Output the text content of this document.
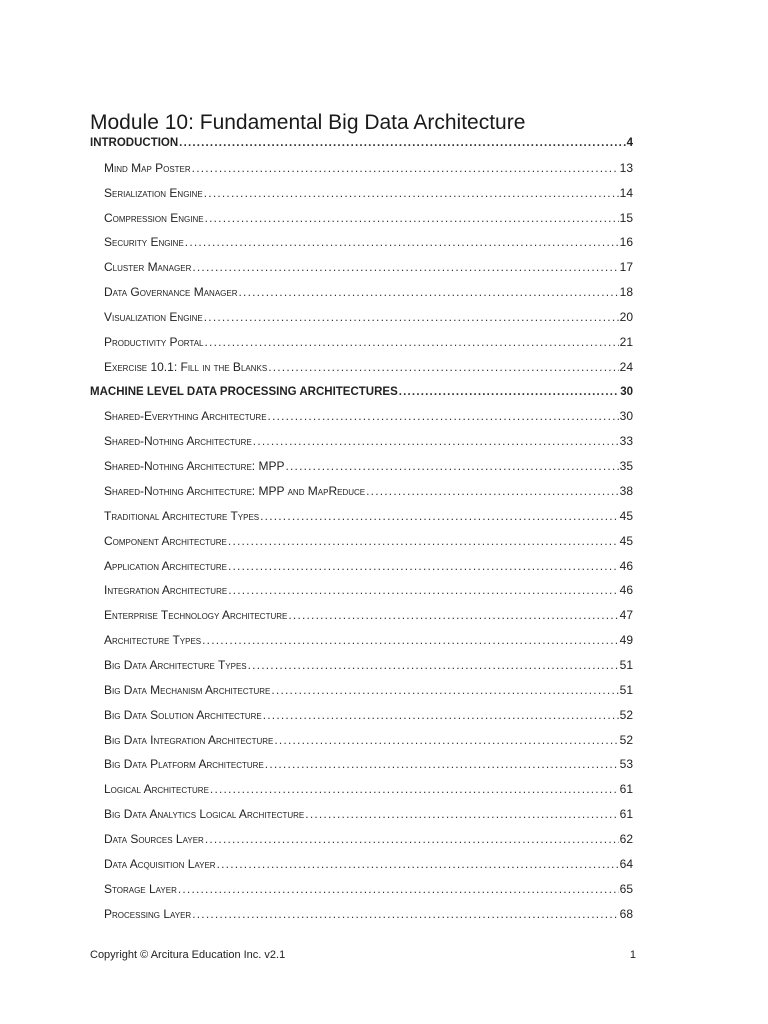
Module 10: Fundamental Big Data Architecture
INTRODUCTION .....	4
Mind Map Poster .....	13
Serialization Engine .....	14
Compression Engine .....	15
Security Engine .....	16
Cluster Manager .....	17
Data Governance Manager .....	18
Visualization Engine .....	20
Productivity Portal .....	21
Exercise 10.1: Fill in the Blanks .....	24
MACHINE LEVEL DATA PROCESSING ARCHITECTURES .....	30
Shared-Everything Architecture .....	30
Shared-Nothing Architecture .....	33
Shared-Nothing Architecture: MPP .....	35
Shared-Nothing Architecture: MPP and MapReduce .....	38
Traditional Architecture Types .....	45
Component Architecture .....	45
Application Architecture .....	46
Integration Architecture .....	46
Enterprise Technology Architecture .....	47
Architecture Types .....	49
Big Data Architecture Types .....	51
Big Data Mechanism Architecture .....	51
Big Data Solution Architecture .....	52
Big Data Integration Architecture .....	52
Big Data Platform Architecture .....	53
Logical Architecture .....	61
Big Data Analytics Logical Architecture .....	61
Data Sources Layer .....	62
Data Acquisition Layer .....	64
Storage Layer .....	65
Processing Layer .....	68
Copyright © Arcitura Education Inc. v2.1	1
